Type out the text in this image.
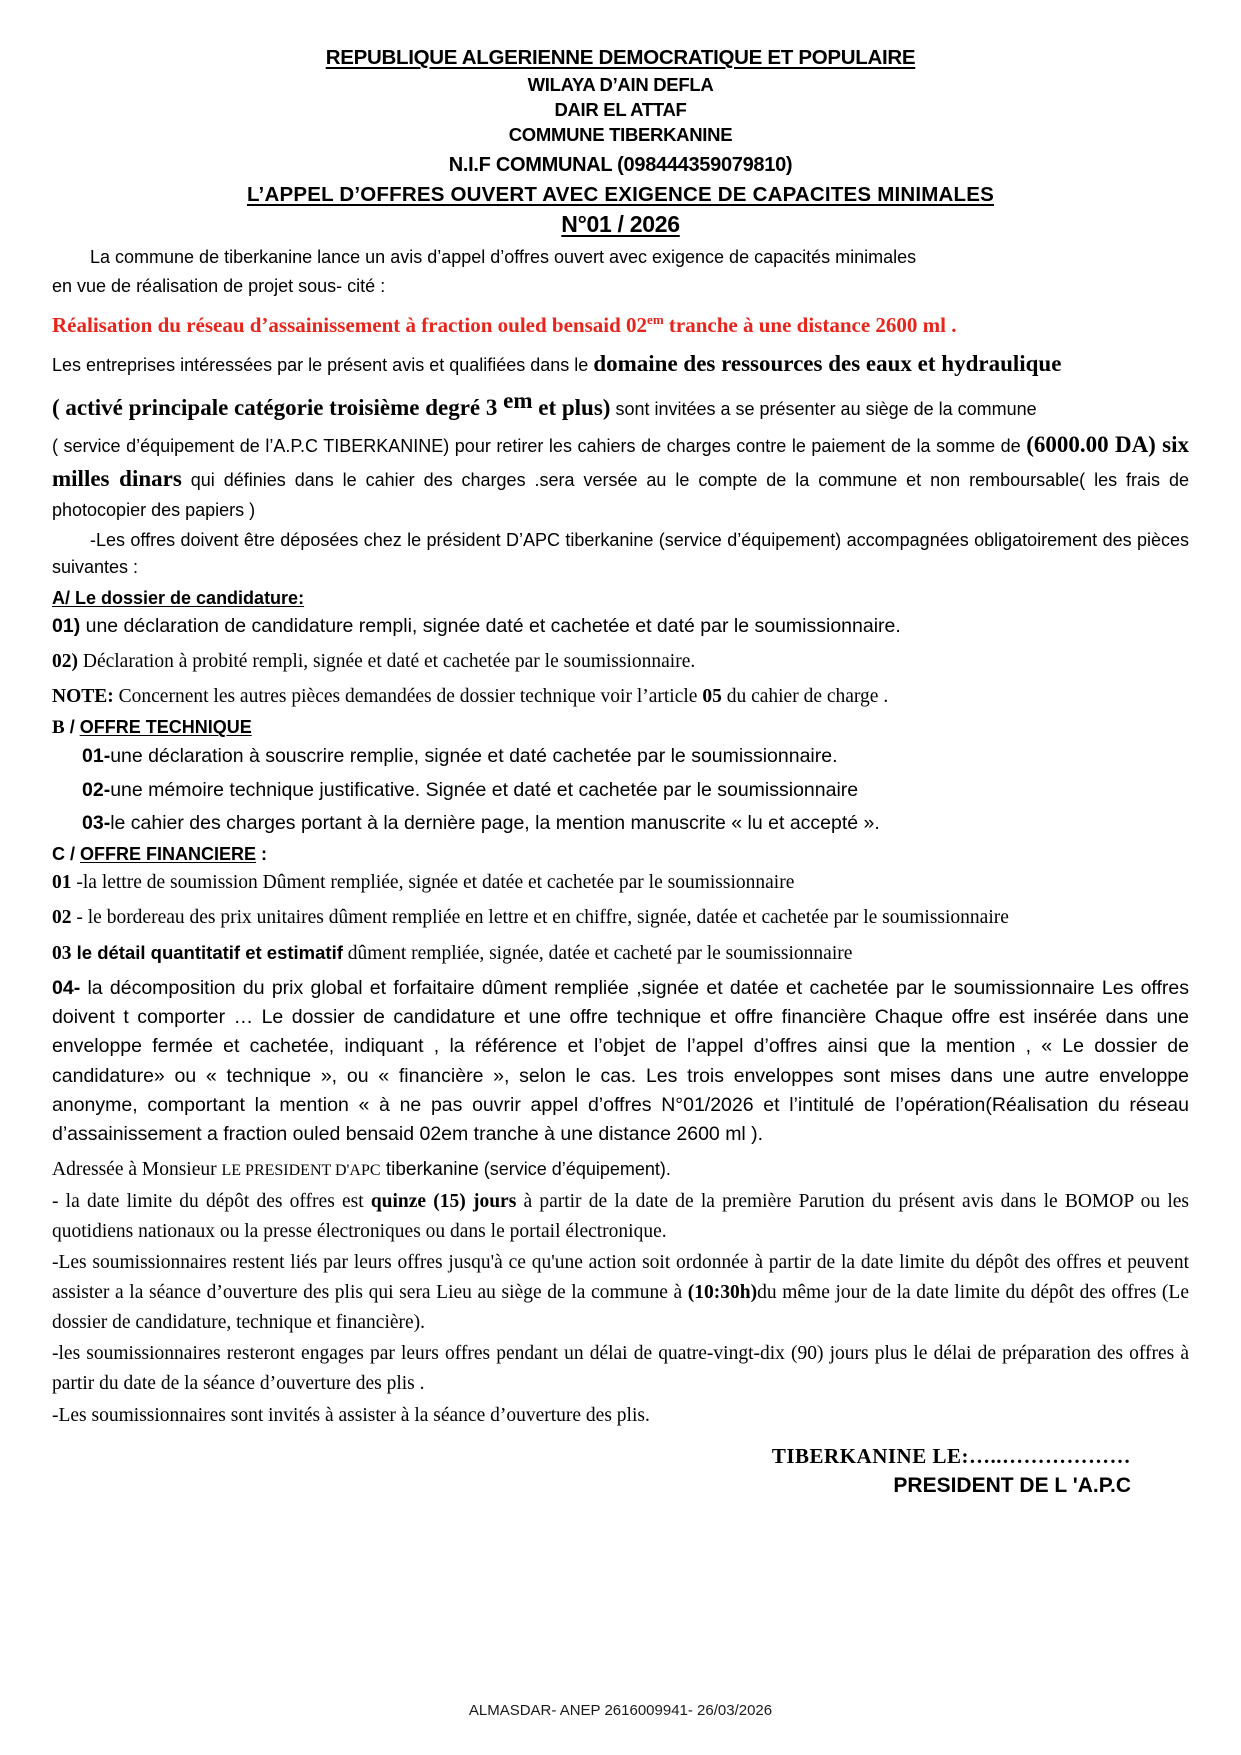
REPUBLIQUE ALGERIENNE DEMOCRATIQUE ET POPULAIRE
WILAYA D’AIN DEFLA
DAIR EL ATTAF
COMMUNE TIBERKANINE
N.I.F COMMUNAL (098444359079810)
L’APPEL D’OFFRES OUVERT AVEC EXIGENCE DE CAPACITES MINIMALES
N°01 / 2026

La commune de tiberkanine lance un avis d’appel d’offres ouvert avec exigence de capacités minimales

en vue de réalisation de projet sous- cité :

Réalisation du réseau d’assainissement à fraction ouled bensaid $02^{em}$ tranche à une distance 2600 ml .

Les entreprises intéressées par le présent avis et qualifiées dans le domaine des ressources des eaux et hydraulique

( activé principale catégorie troisième degré 3 $^{em}$ et plus) sont invitées a se présenter au siège de la commune

( service d’équipement de l’A.P.C TIBERKANINE) pour retirer les cahiers de charges contre le paiement de la somme de (6000.00 DA) six milles dinars qui définies dans le cahier des charges .sera versée au le compte de la commune et non remboursable( les frais de photocopier des papiers )

-Les offres doivent être déposées chez le président D’APC tiberkanine (service d’équipement) accompagnées obligatoirement des pièces suivantes :

A/ Le dossier de candidature:

01) une déclaration de candidature rempli, signée daté et cachetée et daté par le soumissionnaire.

02) Déclaration à probité rempli, signée et daté et cachetée par le soumissionnaire.

NOTE: Concernent les autres pièces demandées de dossier technique voir l’article 05 du cahier de charge .

B / OFFRE TECHNIQUE

01-une déclaration à souscrire remplie, signée et daté cachetée par le soumissionnaire.

02-une mémoire technique justificative. Signée et daté et cachetée par le soumissionnaire

03-le cahier des charges portant à la dernière page, la mention manuscrite « lu et accepté ».

C / OFFRE FINANCIERE :

01 -la lettre de soumission Dûment rempliée, signée et datée et cachetée par le soumissionnaire

02 - le bordereau des prix unitaires dûment rempliée en lettre et en chiffre, signée, datée et cachetée par le soumissionnaire

03 le détail quantitatif et estimatif dûment rempliée, signée, datée et cacheté par le soumissionnaire

04- la décomposition du prix global et forfaitaire dûment rempliée ,signée et datée et cachetée par le soumissionnaire Les offres doivent t comporter … Le dossier de candidature et une offre technique et offre financière Chaque offre est insérée dans une enveloppe fermée et cachetée, indiquant , la référence et l’objet de l’appel d’offres ainsi que la mention , « Le dossier de candidature» ou « technique », ou « financière », selon le cas. Les trois enveloppes sont mises dans une autre enveloppe anonyme, comportant la mention « à ne pas ouvrir appel d’offres N°01/2026 et l’intitulé de l’opération(Réalisation du réseau d’assainissement a fraction ouled bensaid 02em tranche à une distance 2600 ml ).

Adressée à Monsieur LE PRESIDENT D'APC tiberkanine (service d’équipement).

- la date limite du dépôt des offres est quinze (15) jours à partir de la date de la première Parution du présent avis dans le BOMOP ou les quotidiens nationaux ou la presse électroniques ou dans le portail électronique.

-Les soumissionnaires restent liés par leurs offres jusqu'à ce qu'une action soit ordonnée à partir de la date limite du dépôt des offres et peuvent assister a la séance d’ouverture des plis qui sera Lieu au siège de la commune à (10:30h)du même jour de la date limite du dépôt des offres (Le dossier de candidature, technique et financière).

-les soumissionnaires resteront engages par leurs offres pendant un délai de quatre-vingt-dix (90) jours plus le délai de préparation des offres à partir du date de la séance d’ouverture des plis .

-Les soumissionnaires sont invités à assister à la séance d’ouverture des plis.

TIBERKANINE LE:…..………………
PRESIDENT DE L 'A.P.C
ALMASDAR- ANEP 2616009941- 26/03/2026
